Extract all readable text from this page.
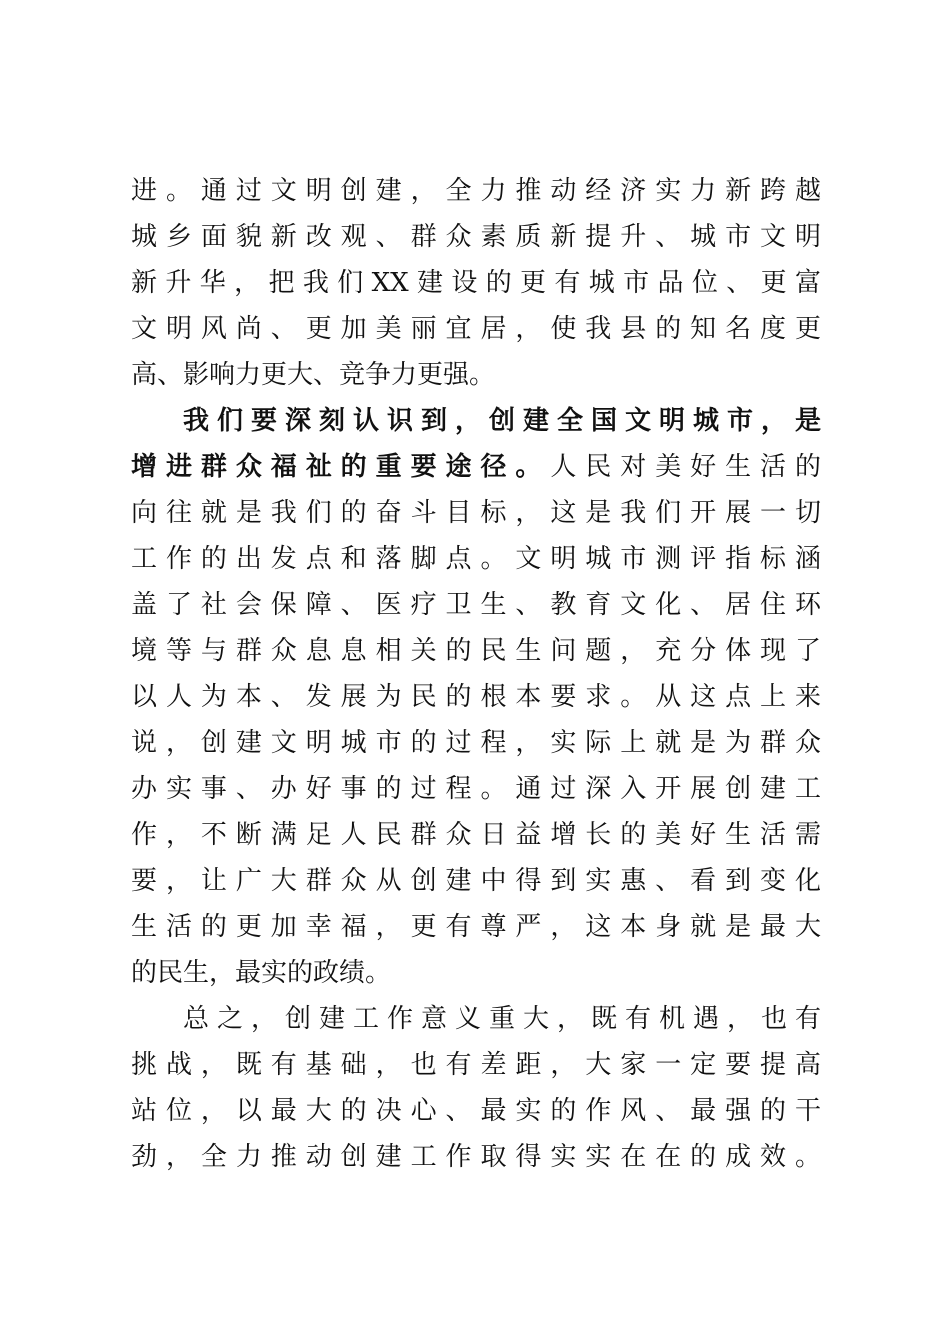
进。通过文明创建，全力推动经济实力新跨越
城乡面貌新改观、群众素质新提升、城市文明
新升华，把我们XX建设的更有城市品位、更富
文明风尚、更加美丽宜居，使我县的知名度更
高、影响力更大、竞争力更强。
我们要深刻认识到，创建全国文明城市，是
增进群众福祉的重要途径。人民对美好生活的
向往就是我们的奋斗目标，这是我们开展一切
工作的出发点和落脚点。文明城市测评指标涵
盖了社会保障、医疗卫生、教育文化、居住环
境等与群众息息相关的民生问题，充分体现了
以人为本、发展为民的根本要求。从这点上来
说，创建文明城市的过程，实际上就是为群众
办实事、办好事的过程。通过深入开展创建工
作，不断满足人民群众日益增长的美好生活需
要，让广大群众从创建中得到实惠、看到变化
生活的更加幸福，更有尊严，这本身就是最大
的民生，最实的政绩。
总之，创建工作意义重大，既有机遇，也有
挑战，既有基础，也有差距，大家一定要提高
站位，以最大的决心、最实的作风、最强的干
劲，全力推动创建工作取得实实在在的成效。
